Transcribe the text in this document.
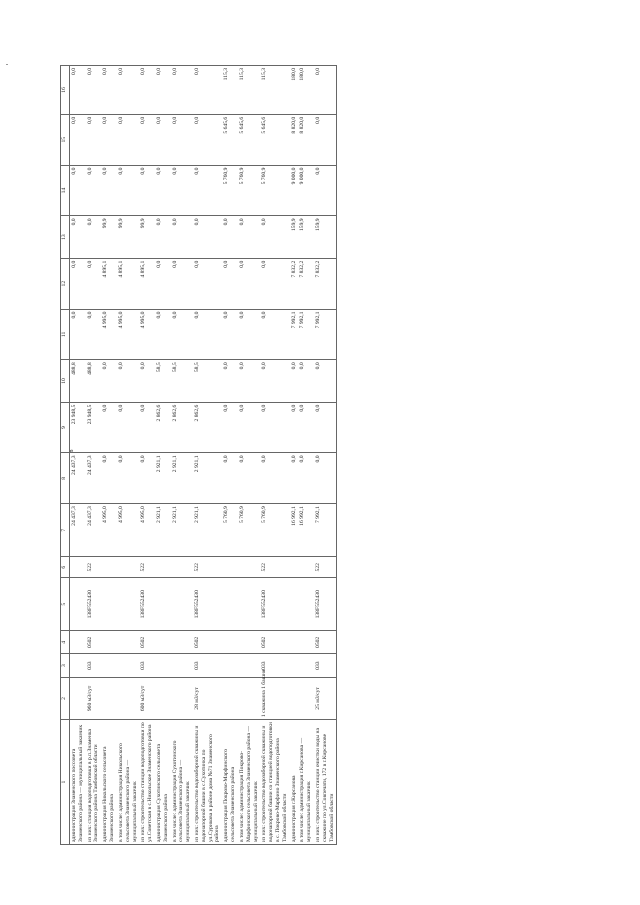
8
1	2	3	4	5	6	7	8	9	10	11	12	13	14	15	16
администрация Знаменского поссовета Знаменского района — муниципальный заказчик						24 437,3	24 437,3	23 948,5	488,8	0,0	0,0	0,0	0,0	0,0	0,0
из них: станция водоподготовки в р.п.Знаменка Знаменского района Тамбовской области	960 м3/сут	033	0502	138F552430	522	24 437,3	24 437,3	23 948,5	488,8	0,0	0,0	0,0	0,0	0,0	0,0
администрация Никольского сельсовета Знаменского района						4 995,0	0,0	0,0	0,0	4 995,0	4 895,1	99,9	0,0	0,0	0,0
в том числе: администрация Никольского сельсовета Знаменского района — муниципальный заказчик						4 995,0	0,0	0,0	0,0	4 995,0	4 895,1	99,9	0,0	0,0	0,0
из них: строительство станции водоподготовки по ул.Советская в с.Никольское Знаменского района	600 м3/сут	033	0502	138F552430	522	4 995,0	0,0	0,0	0,0	4 995,0	4 895,1	99,9	0,0	0,0	0,0
администрация Сухотинского сельсовета Знаменского района						2 921,1	2 921,1	2 862,6	58,5	0,0	0,0	0,0	0,0	0,0	0,0
в том числе: администрация Сухотинского сельсовета Знаменского района — муниципальный заказчик						2 921,1	2 921,1	2 862,6	58,5	0,0	0,0	0,0	0,0	0,0	0,0
из них: строительство водозаборной скважины и водонапорной башни в с.Сухотинка по ул.Сурикова в районе дома №71 Знаменского района	28 м3/сут	033	0502	138F552430	522	2 921,1	2 921,1	2 862,6	58,5	0,0	0,0	0,0	0,0	0,0	0,0
администрация Покрово-Марфинского сельсовета Знаменского района						5 760,9	0,0	0,0	0,0	0,0	0,0	0,0	5 760,9	5 645,6	115,3
в том числе: администрация Покрово-Марфинского сельсовета Знаменского района — муниципальный заказчик						5 760,9	0,0	0,0	0,0	0,0	0,0	0,0	5 760,9	5 645,6	115,3
из них: строительство водозаборной скважины и водонапорной башни со станцией водоподготовки в с. Покрово-Марфино Знаменского района Тамбовской области	1 скважина 1 башня	033	0502	138F552430	522	5 760,9	0,0	0,0	0,0	0,0	0,0	0,0	5 760,9	5 645,6	115,3
администрация г.Кирсанова						16 992,1	0,0	0,0	0,0	7 992,1	7 832,2	159,9	9 000,0	8 820,0	180,0
в том числе: администрация г.Кирсанова — муниципальный заказчик						16 992,1	0,0	0,0	0,0	7 992,1	7 832,2	159,9	9 000,0	8 820,0	180,0
из них: строительство станции очистки воды на скважине по ул.Совпечати, 172 в г.Кирсанове Тамбовской области	25 м3/сут	033	0502	138F552430	522	7 992,1	0,0	0,0	0,0	7 992,1	7 832,2	159,9	0,0	0,0	0,0
